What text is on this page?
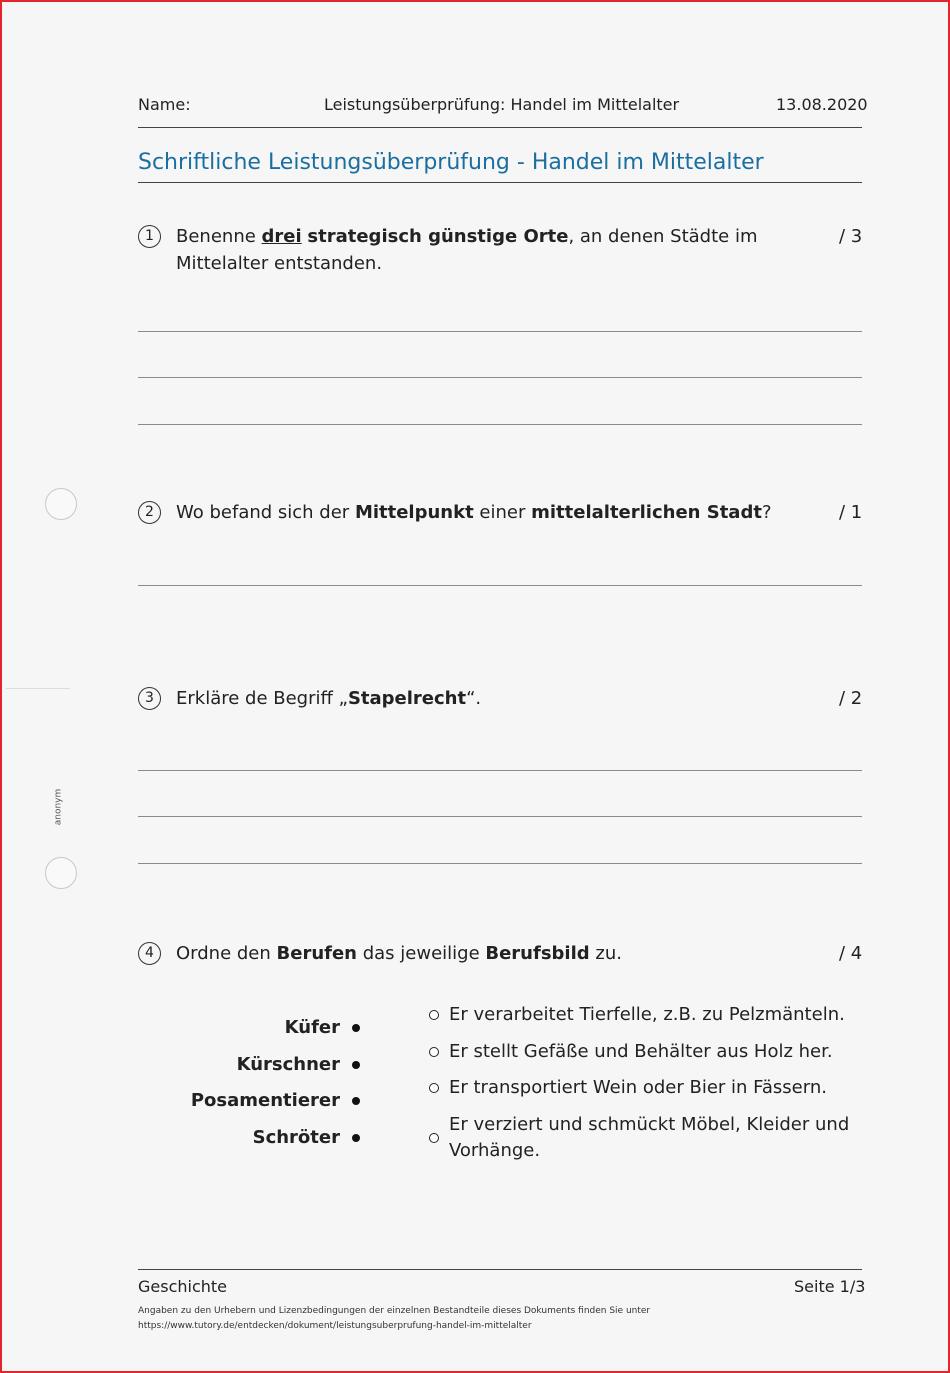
Name:	Leistungsüberprüfung: Handel im Mittelalter	13.08.2020
Schriftliche Leistungsüberprüfung - Handel im Mittelalter
1	Benenne drei strategisch günstige Orte, an denen Städte im Mittelalter entstanden.
/ 3
2	Wo befand sich der Mittelpunkt einer mittelalterlichen Stadt?	/ 1
3	Erkläre de Begriff „Stapelrecht“.	/ 2
4	Ordne den Berufen das jeweilige Berufsbild zu.	/ 4
Küfer
Kürschner
Posamentierer
Schröter
Er verarbeitet Tierfelle, z.B. zu Pelzmänteln.
Er stellt Gefäße und Behälter aus Holz her.
Er transportiert Wein oder Bier in Fässern.
Er verziert und schmückt Möbel, Kleider und Vorhänge.
anonym
Geschichte	Seite 1/3
Angaben zu den Urhebern und Lizenzbedingungen der einzelnen Bestandteile dieses Dokuments finden Sie unter
https://www.tutory.de/entdecken/dokument/leistungsuberprufung-handel-im-mittelalter
